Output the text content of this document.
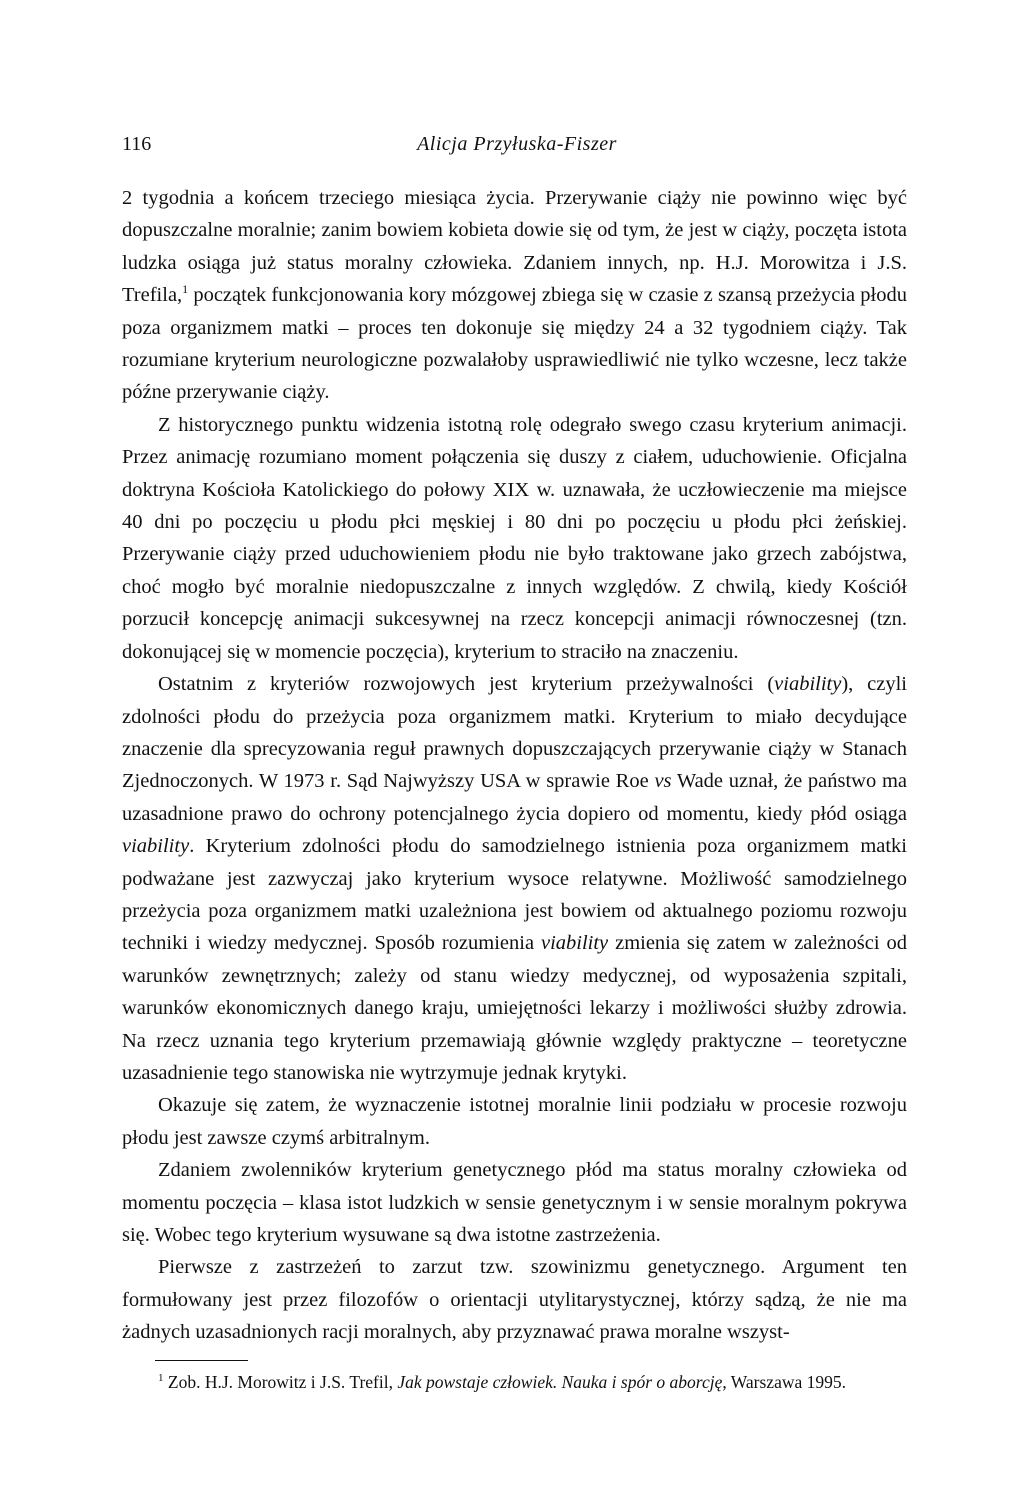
116	Alicja Przyłuska-Fiszer

2 tygodnia a końcem trzeciego miesiąca życia. Przerywanie ciąży nie powinno więc być dopuszczalne moralnie; zanim bowiem kobieta dowie się od tym, że jest w ciąży, poczęta istota ludzka osiąga już status moralny człowieka. Zdaniem innych, np. H.J. Morowitza i J.S. Trefila,$^1$ początek funkcjonowania kory mózgowej zbiega się w czasie z szansą przeżycia płodu poza organizmem matki – proces ten dokonuje się między 24 a 32 tygodniem ciąży. Tak rozumiane kryterium neurologiczne pozwalałoby usprawiedliwić nie tylko wczesne, lecz także późne przerywanie ciąży.

Z historycznego punktu widzenia istotną rolę odegrało swego czasu kryterium animacji. Przez animację rozumiano moment połączenia się duszy z ciałem, uduchowienie. Oficjalna doktryna Kościoła Katolickiego do połowy XIX w. uznawała, że uczłowieczenie ma miejsce 40 dni po poczęciu u płodu płci męskiej i 80 dni po poczęciu u płodu płci żeńskiej. Przerywanie ciąży przed uduchowieniem płodu nie było traktowane jako grzech zabójstwa, choć mogło być moralnie niedopuszczalne z innych względów. Z chwilą, kiedy Kościół porzucił koncepcję animacji sukcesywnej na rzecz koncepcji animacji równoczesnej (tzn. dokonującej się w momencie poczęcia), kryterium to straciło na znaczeniu.

Ostatnim z kryteriów rozwojowych jest kryterium przeżywalności (viability), czyli zdolności płodu do przeżycia poza organizmem matki. Kryterium to miało decydujące znaczenie dla sprecyzowania reguł prawnych dopuszczających przerywanie ciąży w Stanach Zjednoczonych. W 1973 r. Sąd Najwyższy USA w sprawie Roe vs Wade uznał, że państwo ma uzasadnione prawo do ochrony potencjalnego życia dopiero od momentu, kiedy płód osiąga viability. Kryterium zdolności płodu do samodzielnego istnienia poza organizmem matki podważane jest zazwyczaj jako kryterium wysoce relatywne. Możliwość samodzielnego przeżycia poza organizmem matki uzależniona jest bowiem od aktualnego poziomu rozwoju techniki i wiedzy medycznej. Sposób rozumienia viability zmienia się zatem w zależności od warunków zewnętrznych; zależy od stanu wiedzy medycznej, od wyposażenia szpitali, warunków ekonomicznych danego kraju, umiejętności lekarzy i możliwości służby zdrowia. Na rzecz uznania tego kryterium przemawiają głównie względy praktyczne – teoretyczne uzasadnienie tego stanowiska nie wytrzymuje jednak krytyki.

Okazuje się zatem, że wyznaczenie istotnej moralnie linii podziału w procesie rozwoju płodu jest zawsze czymś arbitralnym.

Zdaniem zwolenników kryterium genetycznego płód ma status moralny człowieka od momentu poczęcia – klasa istot ludzkich w sensie genetycznym i w sensie moralnym pokrywa się. Wobec tego kryterium wysuwane są dwa istotne zastrzeżenia.

Pierwsze z zastrzeżeń to zarzut tzw. szowinizmu genetycznego. Argument ten formułowany jest przez filozofów o orientacji utylitarystycznej, którzy sądzą, że nie ma żadnych uzasadnionych racji moralnych, aby przyznawać prawa moralne wszyst-

$^1$ Zob. H.J. Morowitz i J.S. Trefil, Jak powstaje człowiek. Nauka i spór o aborcję, Warszawa 1995.
